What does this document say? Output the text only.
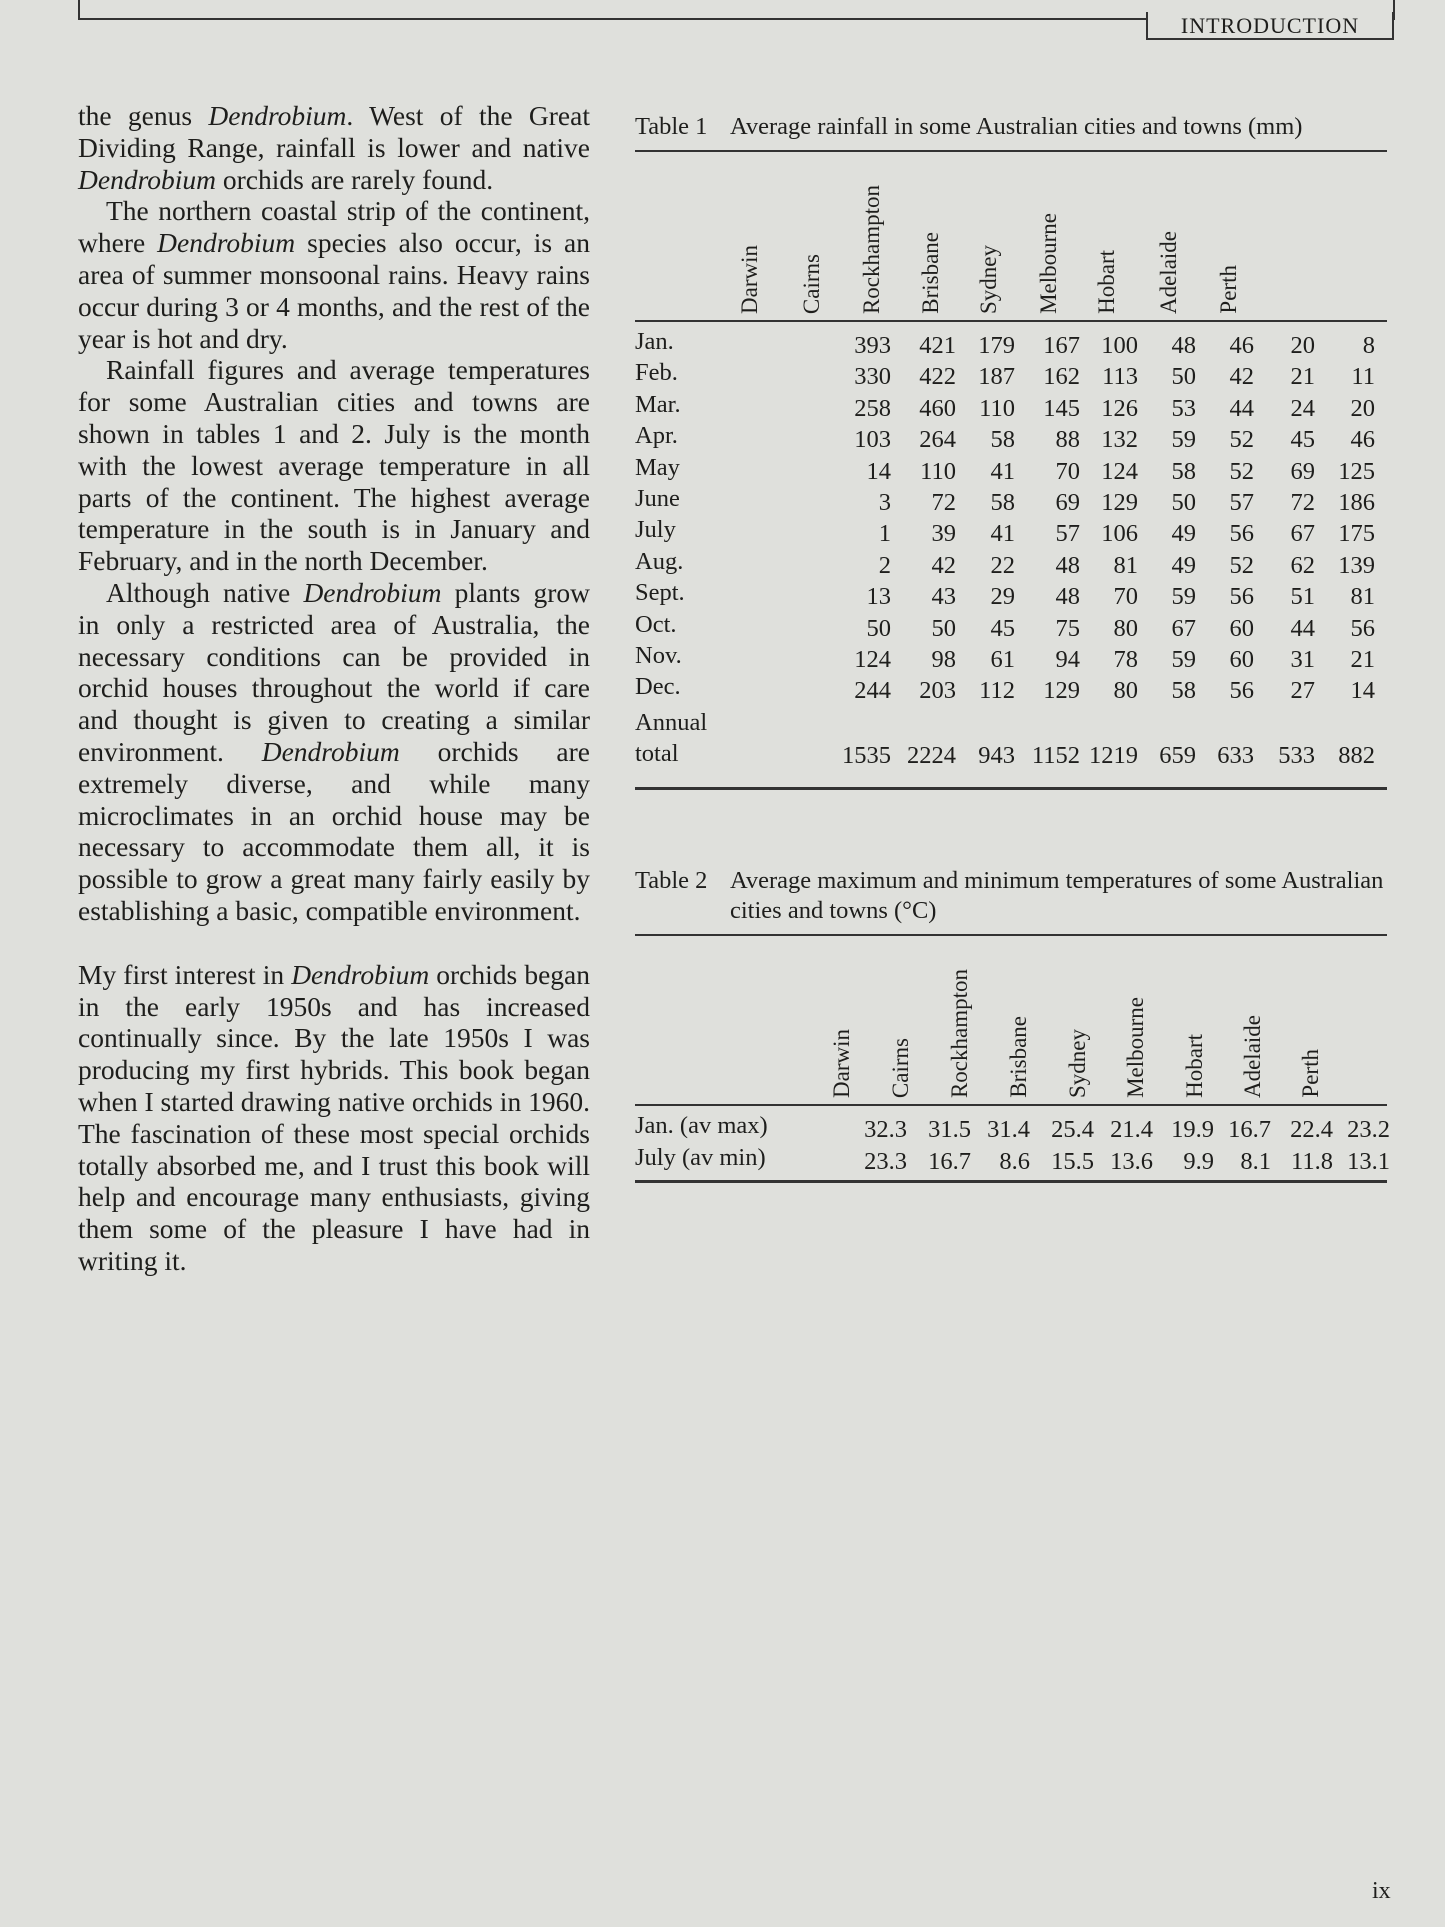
INTRODUCTION

the genus Dendrobium. West of the Great Dividing Range, rainfall is lower and native Dendrobium orchids are rarely found.

The northern coastal strip of the continent, where Dendrobium species also occur, is an area of summer monsoonal rains. Heavy rains occur during 3 or 4 months, and the rest of the year is hot and dry.

Rainfall figures and average temperatures for some Australian cities and towns are shown in tables 1 and 2. July is the month with the lowest average temperature in all parts of the continent. The highest average temperature in the south is in January and February, and in the north December.

Although native Dendrobium plants grow in only a restricted area of Australia, the necessary conditions can be provided in orchid houses throughout the world if care and thought is given to creating a similar environment. Dendrobium orchids are extremely diverse, and while many microclimates in an orchid house may be necessary to accommodate them all, it is possible to grow a great many fairly easily by establishing a basic, compatible environment.

My first interest in Dendrobium orchids began in the early 1950s and has increased continually since. By the late 1950s I was producing my first hybrids. This book began when I started drawing native orchids in 1960. The fascination of these most special orchids totally absorbed me, and I trust this book will help and encourage many enthusiasts, giving them some of the pleasure I have had in writing it.

Table 1 Average rainfall in some Australian cities and towns (mm)
Darwin Cairns Rockhampton Brisbane Sydney Melbourne Hobart Adelaide Perth
Jan.	393	421 179	167 100	48	46	20	8
Feb.	330	422 187	162 113	50	42	21	11
Mar.	258	460 110	145 126	53	44	24	20
Apr.	103	264	58	88 132	59	52	45	46
May	14	110	41	70 124	58	52	69 125
June	3	72	58	69 129	50	57	72 186
July	1	39	41	57 106	49	56	67 175
Aug.	2	42	22	48	81	49	52	62 139
Sept.	13	43	29	48	70	59	56	51	81
Oct.	50	50	45	75	80	67	60	44	56
Nov.	124	98	61	94	78	59	60	31	21
Dec.	244	203 112	129	80	58	56	27	14
Annual
total	1535 2224 943 1152 1219 659 633 533 882
Table 2 Average maximum and minimum temperatures of some Australian cities and towns (°C)
Darwin Cairns Rockhampton Brisbane Sydney Melbourne Hobart Adelaide Perth
Jan. (av max)	32.3 31.5 31.4 25.4 21.4 19.9 16.7 22.4 23.2
July (av min)	23.3 16.7	8.6 15.5 13.6	9.9	8.1 11.8 13.1
ix
